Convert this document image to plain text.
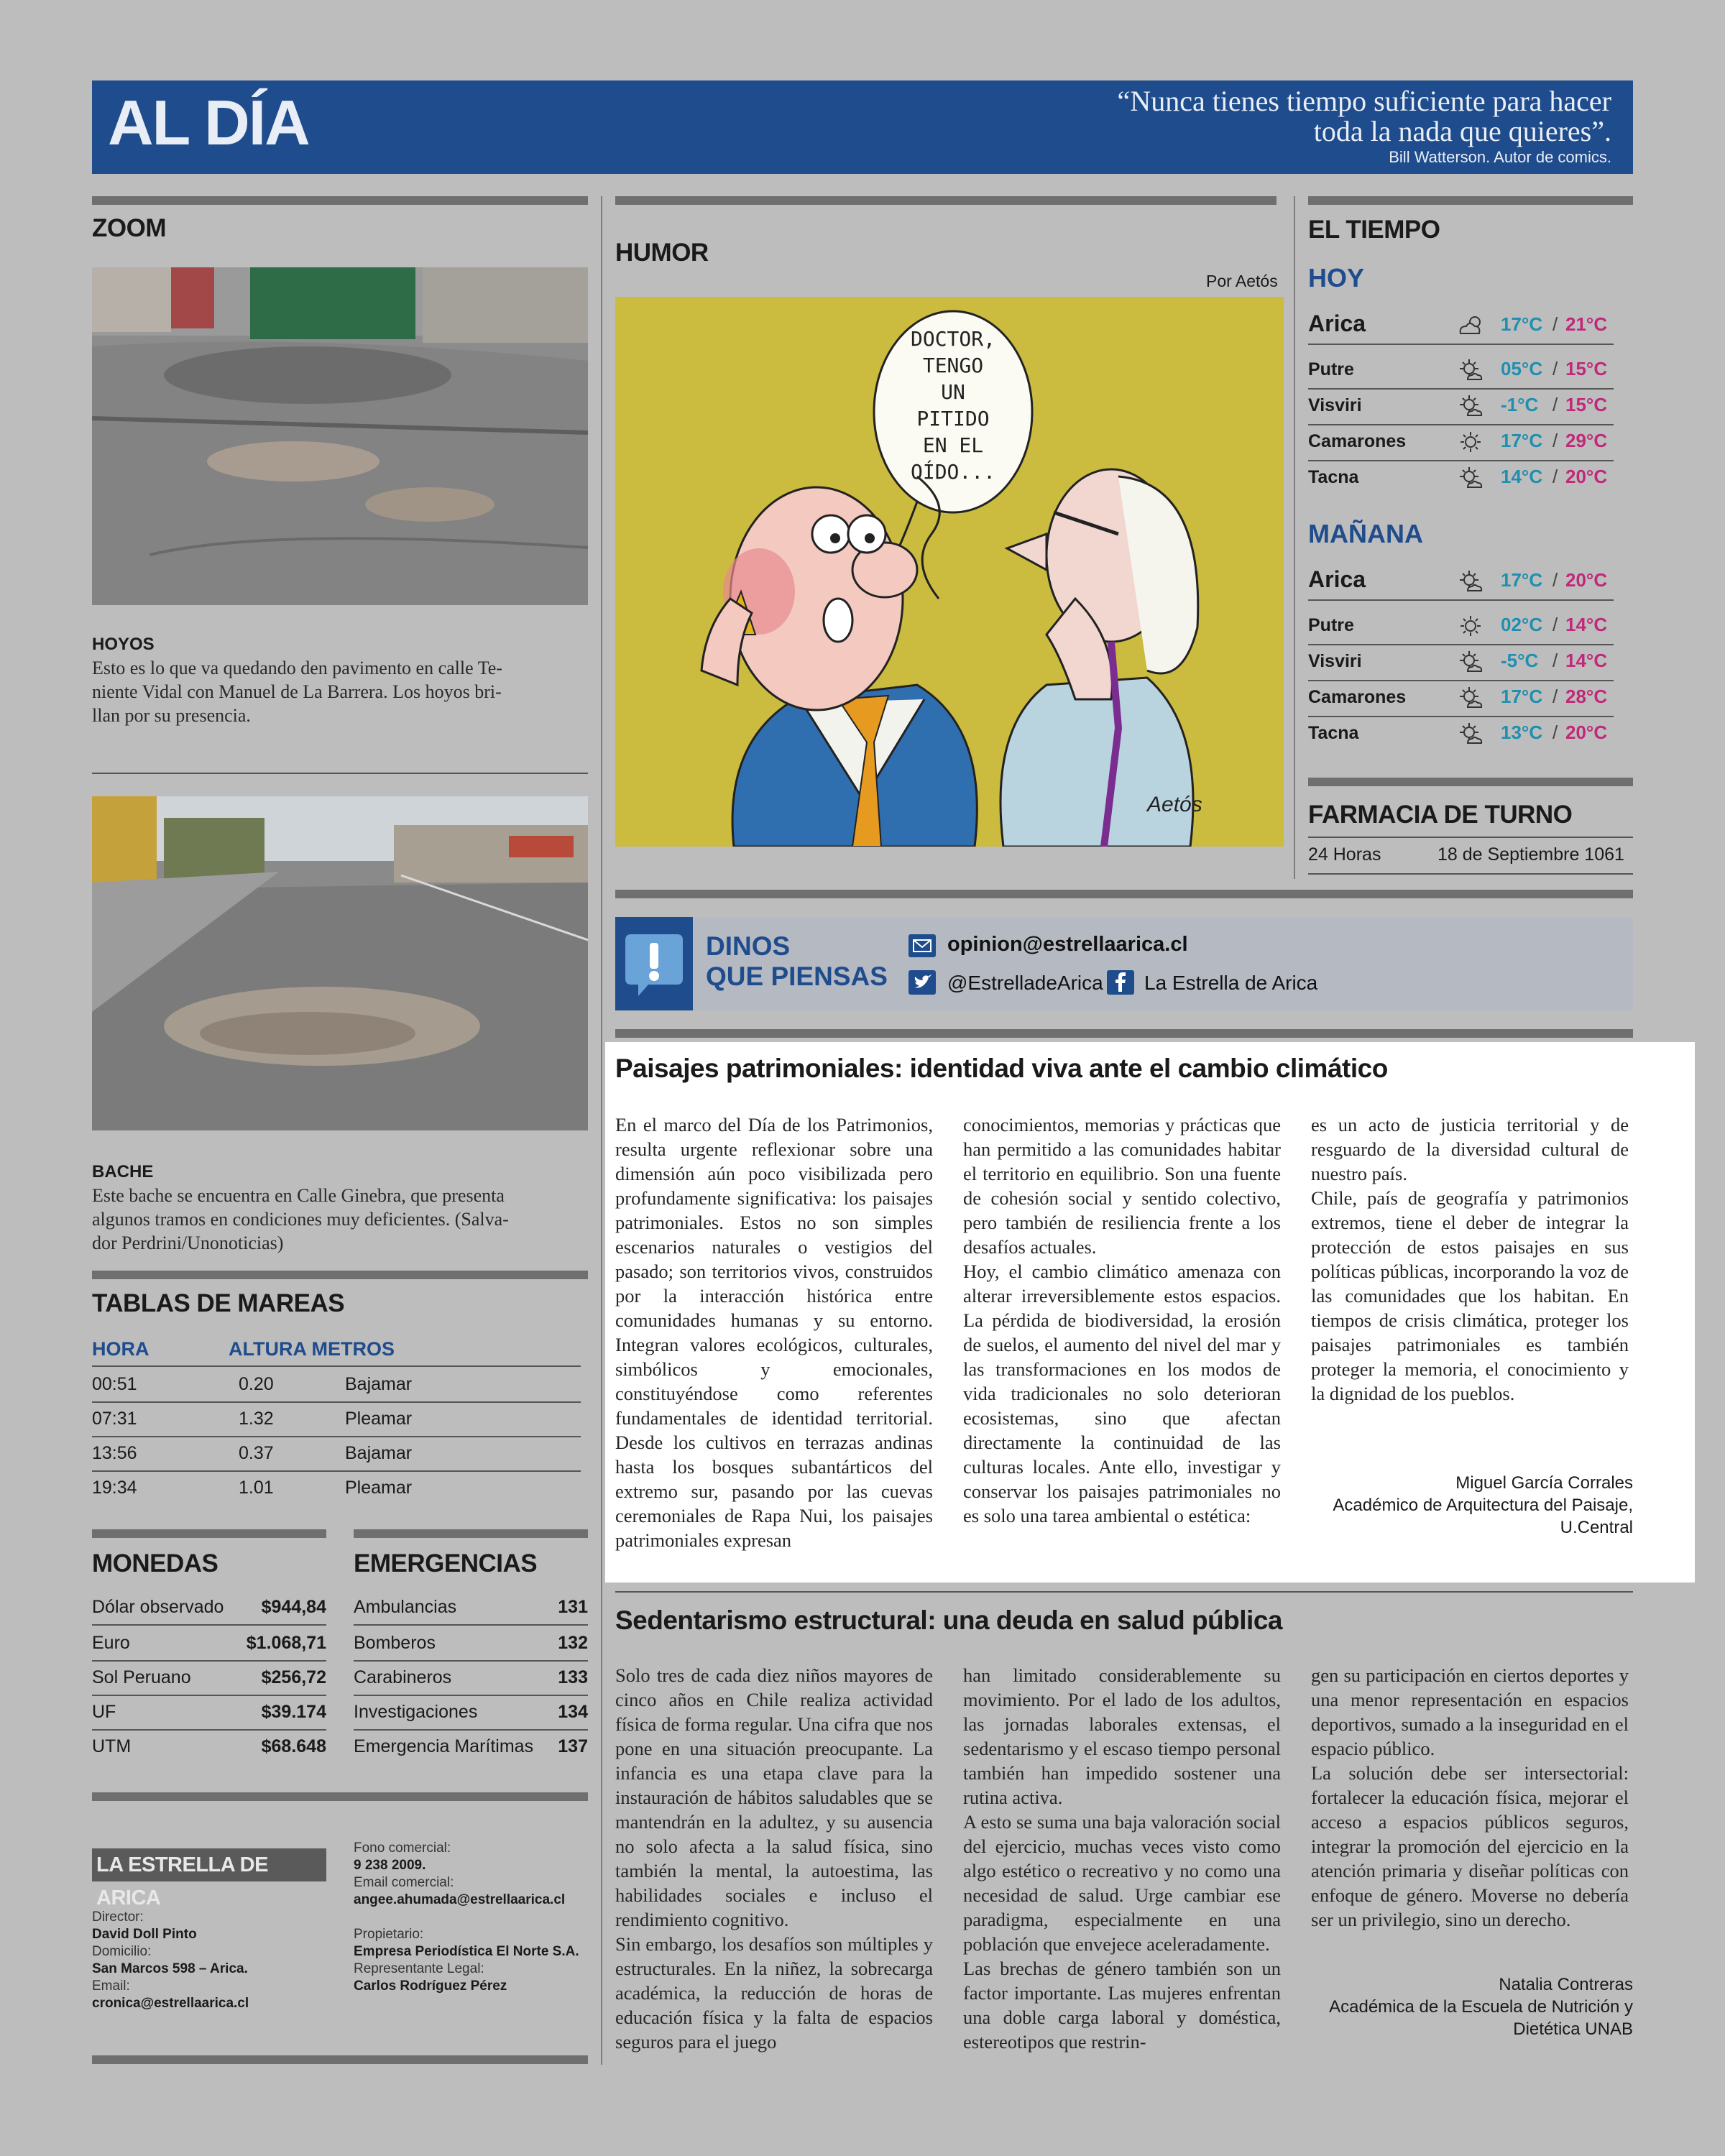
AL DÍA	“Nunca tienes tiempo suficiente para hacer
toda la nada que quieres”.
Bill Watterson. Autor de comics.
ZOOM
HOYOS
Esto es lo que va quedando den pavimento en calle Te-
niente Vidal con Manuel de La Barrera. Los hoyos bri-
llan por su presencia.
BACHE
Este bache se encuentra en Calle Ginebra, que presenta
algunos tramos en condiciones muy deficientes. (Salva-
dor Perdrini/Unonoticias)
TABLAS DE MAREAS
HORA	ALTURA METROS
00:51	0.20	Bajamar
07:31	1.32	Pleamar
13:56	0.37	Bajamar
19:34	1.01	Pleamar
MONEDAS
Dólar observado $944,84
Euro	$1.068,71
Sol Peruano	$256,72
UF	$39.174
UTM	$68.648
EMERGENCIAS
Ambulancias	131
Bomberos	132
Carabineros	133
Investigaciones	134
Emergencia Marítimas 137
LA ESTRELLA DE ARICA
Director:
David Doll Pinto
Domicilio:
San Marcos 598 – Arica.
Email:
cronica@estrellaarica.cl
Fono comercial:
9 238 2009.
Email comercial:
angee.ahumada@estrellaarica.cl
Propietario:
Empresa Periodística El Norte S.A.
Representante Legal:
Carlos Rodríguez Pérez
HUMOR
Por Aetós
DOCTOR,
TENGO
UN PITIDO
EN EL
OÍDO...
Aetós
EL TIEMPO
HOY
Arica	17°C / 21°C
Putre	05°C / 15°C
Visviri	-1°C / 15°C
Camarones	17°C / 29°C
Tacna	14°C / 20°C
MAÑANA
Arica	17°C / 20°C
Putre	02°C / 14°C
Visviri	-5°C / 14°C
Camarones	17°C / 28°C
Tacna	13°C / 20°C
FARMACIA DE TURNO
24 Horas	18 de Septiembre 1061
DINOS
QUE PIENSAS
opinion@estrellaarica.cl
@EstrelladeArica La Estrella de Arica
Paisajes patrimoniales: identidad viva ante el cambio climático

En el marco del Día de los Patrimonios, resulta urgente reflexionar sobre una dimensión aún poco visibilizada pero profundamente significativa: los paisajes patrimoniales. Estos no son simples escenarios naturales o vestigios del pasado; son territorios vivos, construidos por la interacción histórica entre comunidades humanas y su entorno. Integran valores ecológicos, culturales, simbólicos y emocionales, constituyéndose como referentes fundamentales de identidad territorial. Desde los cultivos en terrazas andinas hasta los bosques subantárticos del extremo sur, pasando por las cuevas ceremoniales de Rapa Nui, los paisajes patrimoniales expresan

conocimientos, memorias y prácticas que han permitido a las comunidades habitar el territorio en equilibrio. Son una fuente de cohesión social y sentido colectivo, pero también de resiliencia frente a los desafíos actuales.

Hoy, el cambio climático amenaza con alterar irreversiblemente estos espacios. La pérdida de biodiversidad, la erosión de suelos, el aumento del nivel del mar y las transformaciones en los modos de vida tradicionales no solo deterioran ecosistemas, sino que afectan directamente la continuidad de las culturas locales. Ante ello, investigar y conservar los paisajes patrimoniales no es solo una tarea ambiental o estética:

es un acto de justicia territorial y de resguardo de la diversidad cultural de nuestro país.

Chile, país de geografía y patrimonios extremos, tiene el deber de integrar la protección de estos paisajes en sus políticas públicas, incorporando la voz de las comunidades que los habitan. En tiempos de crisis climática, proteger los paisajes patrimoniales es también proteger la memoria, el conocimiento y la dignidad de los pueblos.

Miguel García Corrales
Académico de Arquitectura del Paisaje,
U.Central
Sedentarismo estructural: una deuda en salud pública

Solo tres de cada diez niños mayores de cinco años en Chile realiza actividad física de forma regular. Una cifra que nos pone en una situación preocupante. La infancia es una etapa clave para la instauración de hábitos saludables que se mantendrán en la adultez, y su ausencia no solo afecta a la salud física, sino también la mental, la autoestima, las habilidades sociales e incluso el rendimiento cognitivo.

Sin embargo, los desafíos son múltiples y estructurales. En la niñez, la sobrecarga académica, la reducción de horas de educación física y la falta de espacios seguros para el juego

han limitado considerablemente su movimiento. Por el lado de los adultos, las jornadas laborales extensas, el sedentarismo y el escaso tiempo personal también han impedido sostener una rutina activa.

A esto se suma una baja valoración social del ejercicio, muchas veces visto como algo estético o recreativo y no como una necesidad de salud. Urge cambiar ese paradigma, especialmente en una población que envejece aceleradamente.

Las brechas de género también son un factor importante. Las mujeres enfrentan una doble carga laboral y doméstica, estereotipos que restrin-

gen su participación en ciertos deportes y una menor representación en espacios deportivos, sumado a la inseguridad en el espacio público.

La solución debe ser intersectorial: fortalecer la educación física, mejorar el acceso a espacios públicos seguros, integrar la promoción del ejercicio en la atención primaria y diseñar políticas con enfoque de género. Moverse no debería ser un privilegio, sino un derecho.

Natalia Contreras
Académica de la Escuela de Nutrición y
Dietética UNAB
